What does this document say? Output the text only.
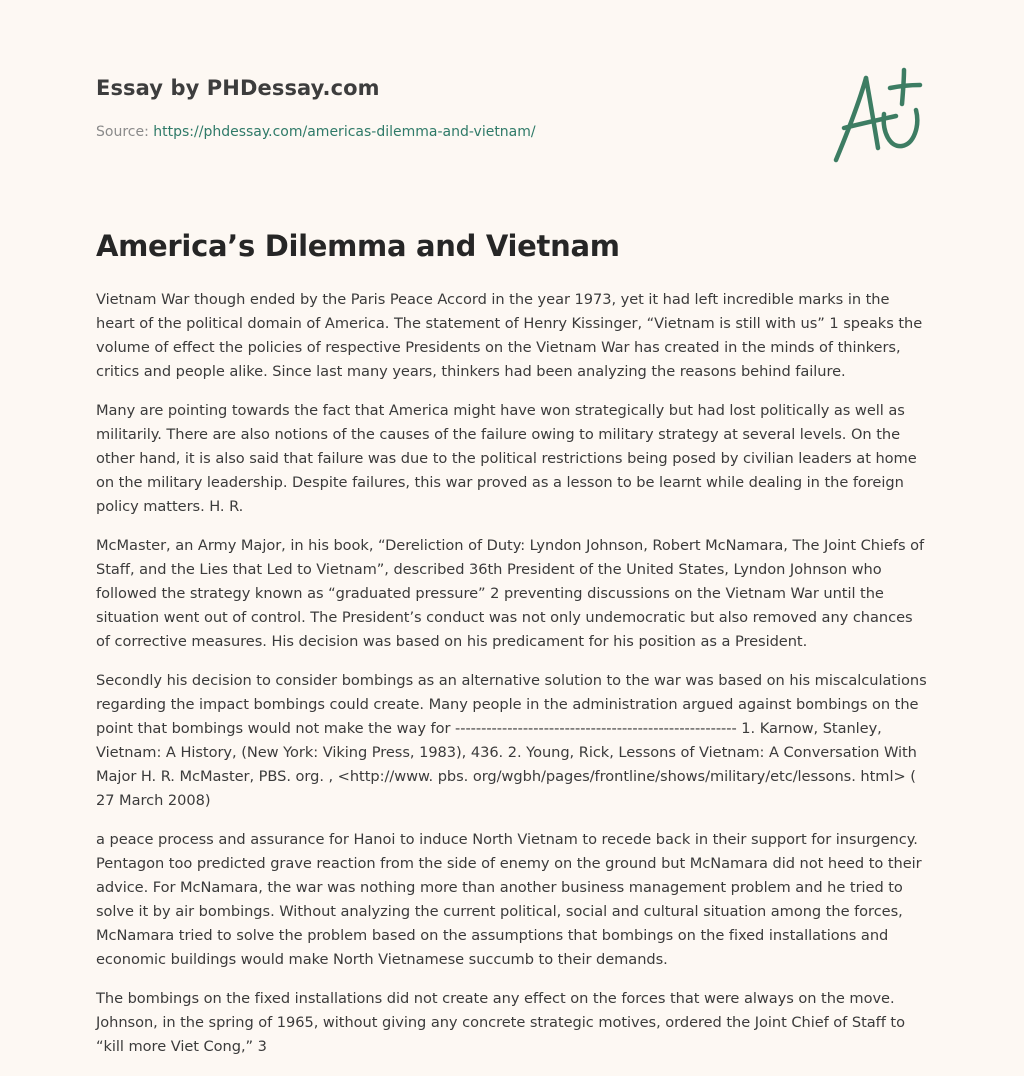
Essay by PHDessay.com
Source: https://phdessay.com/americas-dilemma-and-vietnam/
America’s Dilemma and Vietnam

Vietnam War though ended by the Paris Peace Accord in the year 1973, yet it had left incredible marks in the heart of the political domain of America. The statement of Henry Kissinger, “Vietnam is still with us” 1 speaks the volume of effect the policies of respective Presidents on the Vietnam War has created in the minds of thinkers, critics and people alike. Since last many years, thinkers had been analyzing the reasons behind failure.

Many are pointing towards the fact that America might have won strategically but had lost politically as well as militarily. There are also notions of the causes of the failure owing to military strategy at several levels. On the other hand, it is also said that failure was due to the political restrictions being posed by civilian leaders at home on the military leadership. Despite failures, this war proved as a lesson to be learnt while dealing in the foreign policy matters. H. R.

McMaster, an Army Major, in his book, “Dereliction of Duty: Lyndon Johnson, Robert McNamara, The Joint Chiefs of Staff, and the Lies that Led to Vietnam”, described 36th President of the United States, Lyndon Johnson who followed the strategy known as “graduated pressure” 2 preventing discussions on the Vietnam War until the situation went out of control. The President’s conduct was not only undemocratic but also removed any chances of corrective measures. His decision was based on his predicament for his position as a President.

Secondly his decision to consider bombings as an alternative solution to the war was based on his miscalculations regarding the impact bombings could create. Many people in the administration argued against bombings on the point that bombings would not make the way for ------------------------------------------------------ 1. Karnow, Stanley, Vietnam: A History, (New York: Viking Press, 1983), 436. 2. Young, Rick, Lessons of Vietnam: A Conversation With Major H. R. McMaster, PBS. org. , <http://www. pbs. org/wgbh/pages/frontline/shows/military/etc/lessons. html> ( 27 March 2008)

a peace process and assurance for Hanoi to induce North Vietnam to recede back in their support for insurgency. Pentagon too predicted grave reaction from the side of enemy on the ground but McNamara did not heed to their advice. For McNamara, the war was nothing more than another business management problem and he tried to solve it by air bombings. Without analyzing the current political, social and cultural situation among the forces, McNamara tried to solve the problem based on the assumptions that bombings on the fixed installations and economic buildings would make North Vietnamese succumb to their demands.

The bombings on the fixed installations did not create any effect on the forces that were always on the move. Johnson, in the spring of 1965, without giving any concrete strategic motives, ordered the Joint Chief of Staff to “kill more Viet Cong,” 3
